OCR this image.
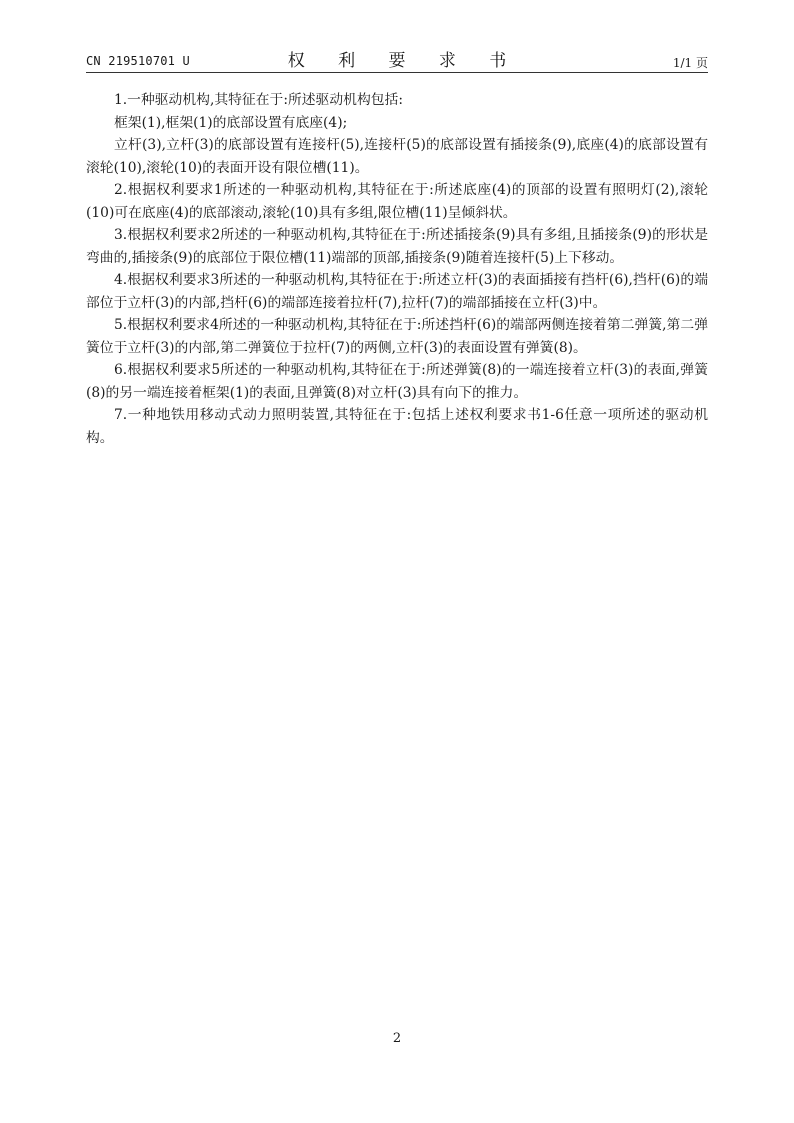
CN 219510701 U	权 利 要 求 书	1/1 页

1.一种驱动机构,其特征在于:所述驱动机构包括:

框架(1),框架(1)的底部设置有底座(4);

立杆(3),立杆(3)的底部设置有连接杆(5),连接杆(5)的底部设置有插接条(9),底座(4)的底部设置有滚轮(10),滚轮(10)的表面开设有限位槽(11)。

2.根据权利要求1所述的一种驱动机构,其特征在于:所述底座(4)的顶部的设置有照明灯(2),滚轮(10)可在底座(4)的底部滚动,滚轮(10)具有多组,限位槽(11)呈倾斜状。

3.根据权利要求2所述的一种驱动机构,其特征在于:所述插接条(9)具有多组,且插接条(9)的形状是弯曲的,插接条(9)的底部位于限位槽(11)端部的顶部,插接条(9)随着连接杆(5)上下移动。

4.根据权利要求3所述的一种驱动机构,其特征在于:所述立杆(3)的表面插接有挡杆(6),挡杆(6)的端部位于立杆(3)的内部,挡杆(6)的端部连接着拉杆(7),拉杆(7)的端部插接在立杆(3)中。

5.根据权利要求4所述的一种驱动机构,其特征在于:所述挡杆(6)的端部两侧连接着第二弹簧,第二弹簧位于立杆(3)的内部,第二弹簧位于拉杆(7)的两侧,立杆(3)的表面设置有弹簧(8)。

6.根据权利要求5所述的一种驱动机构,其特征在于:所述弹簧(8)的一端连接着立杆(3)的表面,弹簧(8)的另一端连接着框架(1)的表面,且弹簧(8)对立杆(3)具有向下的推力。

7.一种地铁用移动式动力照明装置,其特征在于:包括上述权利要求书1-6任意一项所述的驱动机构。

2
